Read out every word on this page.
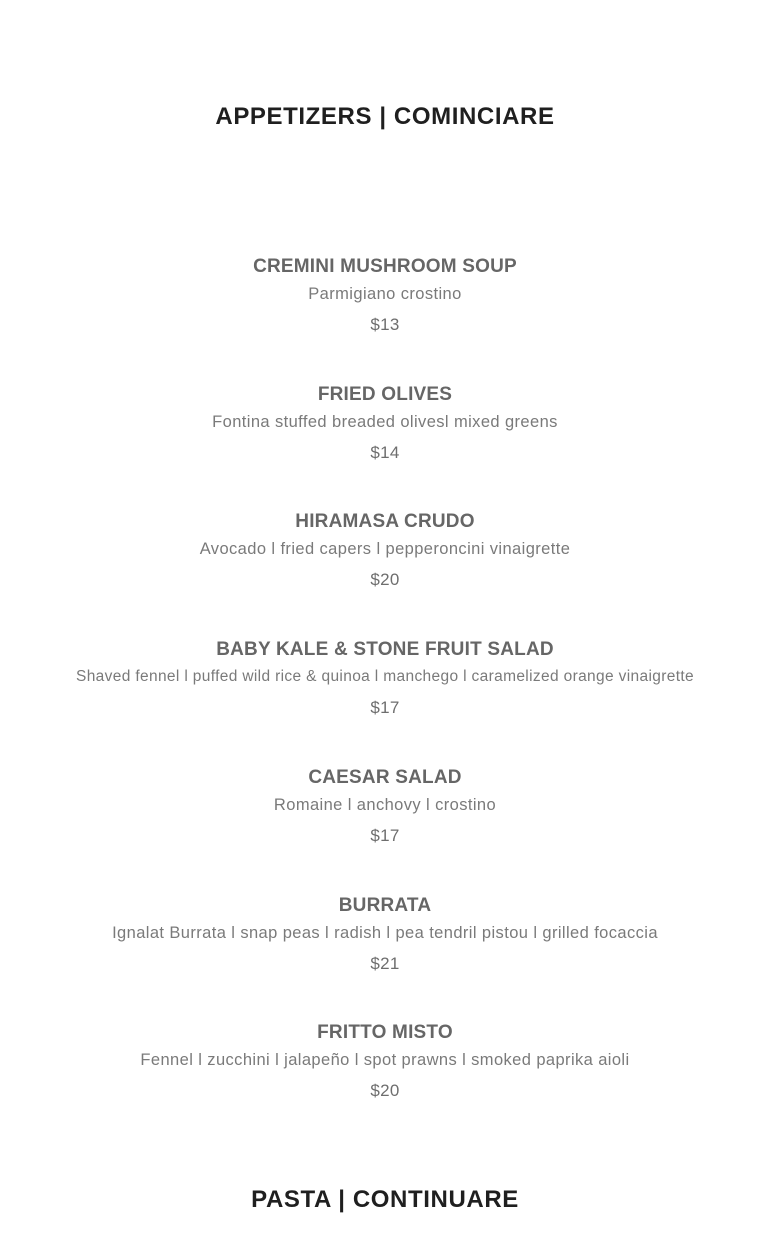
APPETIZERS | COMINCIARE
CREMINI MUSHROOM SOUP
Parmigiano crostino
$13
FRIED OLIVES
Fontina stuffed breaded olivesl mixed greens
$14
HIRAMASA CRUDO
Avocado l fried capers l pepperoncini vinaigrette
$20
BABY KALE & STONE FRUIT SALAD
Shaved fennel l puffed wild rice & quinoa l manchego l caramelized orange vinaigrette
$17
CAESAR SALAD
Romaine l anchovy l crostino
$17
BURRATA
Ignalat Burrata l snap peas l radish l pea tendril pistou l grilled focaccia
$21
FRITTO MISTO
Fennel l zucchini l jalapeño l spot prawns l smoked paprika aioli
$20
PASTA | CONTINUARE
